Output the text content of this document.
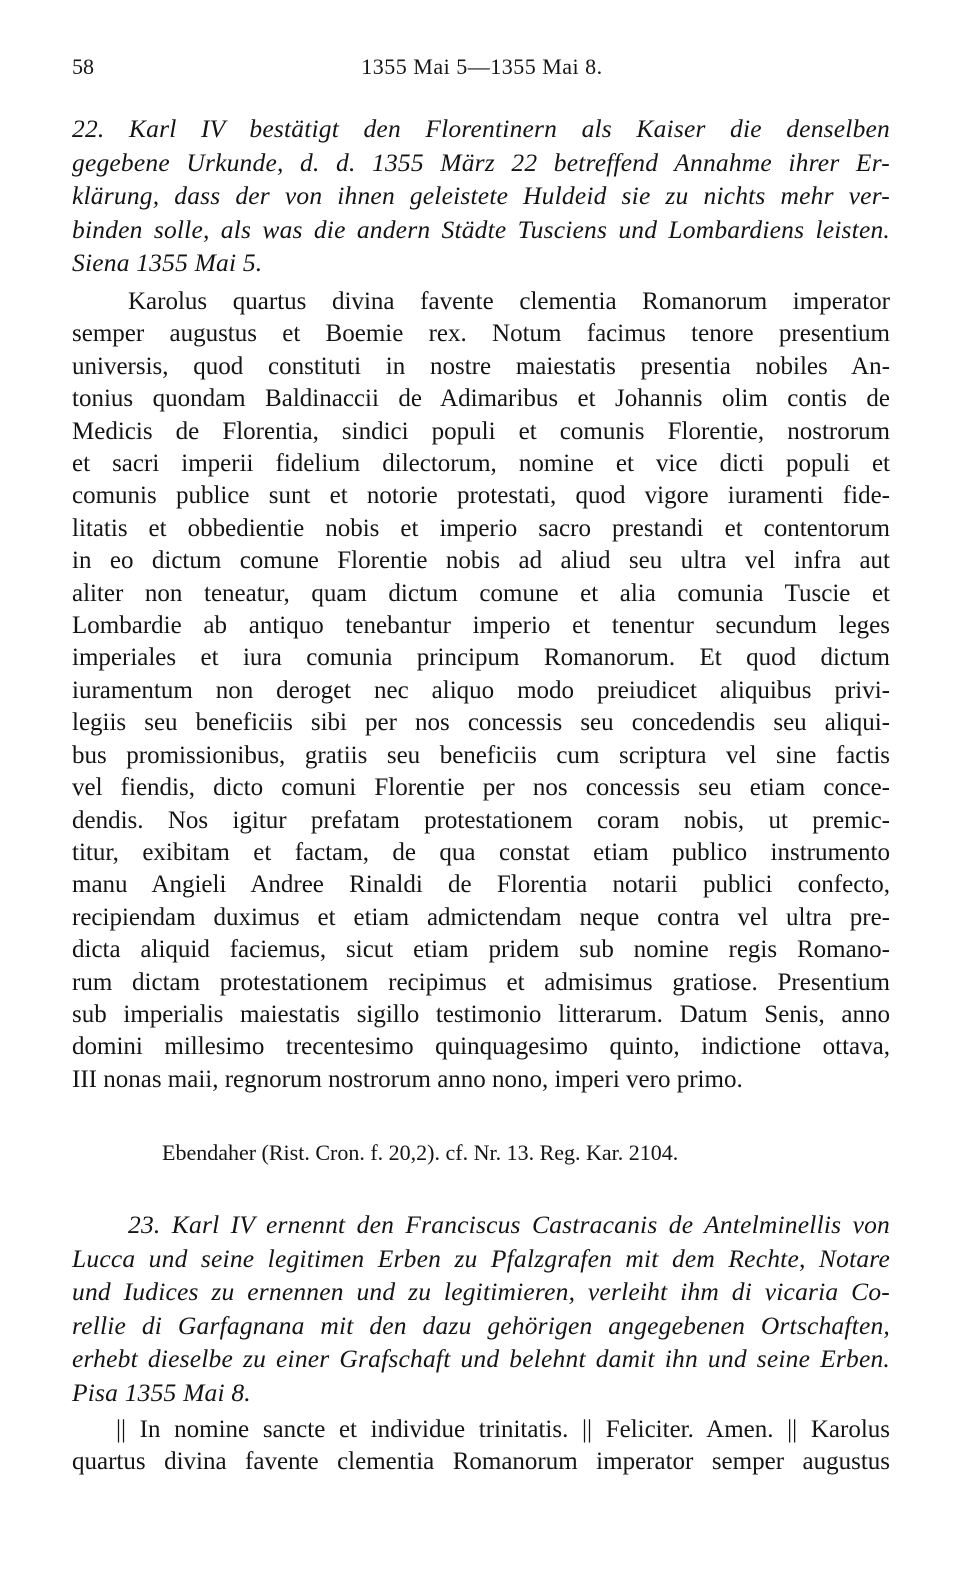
58	1355 Mai 5—1355 Mai 8.
22. Karl IV bestätigt den Florentinern als Kaiser die denselben
gegebene Urkunde, d. d. 1355 März 22 betreffend Annahme ihrer Er-
klärung, dass der von ihnen geleistete Huldeid sie zu nichts mehr ver-
binden solle, als was die andern Städte Tusciens und Lombardiens leisten.
Siena 1355 Mai 5.
Karolus quartus divina favente clementia Romanorum imperator
semper augustus et Boemie rex. Notum facimus tenore presentium
universis, quod constituti in nostre maiestatis presentia nobiles An-
tonius quondam Baldinaccii de Adimaribus et Johannis olim contis de
Medicis de Florentia, sindici populi et comunis Florentie, nostrorum
et sacri imperii fidelium dilectorum, nomine et vice dicti populi et
comunis publice sunt et notorie protestati, quod vigore iuramenti fide-
litatis et obbedientie nobis et imperio sacro prestandi et contentorum
in eo dictum comune Florentie nobis ad aliud seu ultra vel infra aut
aliter non teneatur, quam dictum comune et alia comunia Tuscie et
Lombardie ab antiquo tenebantur imperio et tenentur secundum leges
imperiales et iura comunia principum Romanorum. Et quod dictum
iuramentum non deroget nec aliquo modo preiudicet aliquibus privi-
legiis seu beneficiis sibi per nos concessis seu concedendis seu aliqui-
bus promissionibus, gratiis seu beneficiis cum scriptura vel sine factis
vel fiendis, dicto comuni Florentie per nos concessis seu etiam conce-
dendis. Nos igitur prefatam protestationem coram nobis, ut premic-
titur, exibitam et factam, de qua constat etiam publico instrumento
manu Angieli Andree Rinaldi de Florentia notarii publici confecto,
recipiendam duximus et etiam admictendam neque contra vel ultra pre-
dicta aliquid faciemus, sicut etiam pridem sub nomine regis Romano-
rum dictam protestationem recipimus et admisimus gratiose. Presentium
sub imperialis maiestatis sigillo testimonio litterarum. Datum Senis, anno
domini millesimo trecentesimo quinquagesimo quinto, indictione ottava,
III nonas maii, regnorum nostrorum anno nono, imperi vero primo.
Ebendaher (Rist. Cron. f. 20,2). cf. Nr. 13. Reg. Kar. 2104.
23. Karl IV ernennt den Franciscus Castracanis de Antelminellis von
Lucca und seine legitimen Erben zu Pfalzgrafen mit dem Rechte, Notare
und Iudices zu ernennen und zu legitimieren, verleiht ihm di vicaria Co-
rellie di Garfagnana mit den dazu gehörigen angegebenen Ortschaften,
erhebt dieselbe zu einer Grafschaft und belehnt damit ihn und seine Erben.
Pisa 1355 Mai 8.
|| In nomine sancte et individue trinitatis. || Feliciter. Amen. || Karolus
quartus divina favente clementia Romanorum imperator semper augustus
